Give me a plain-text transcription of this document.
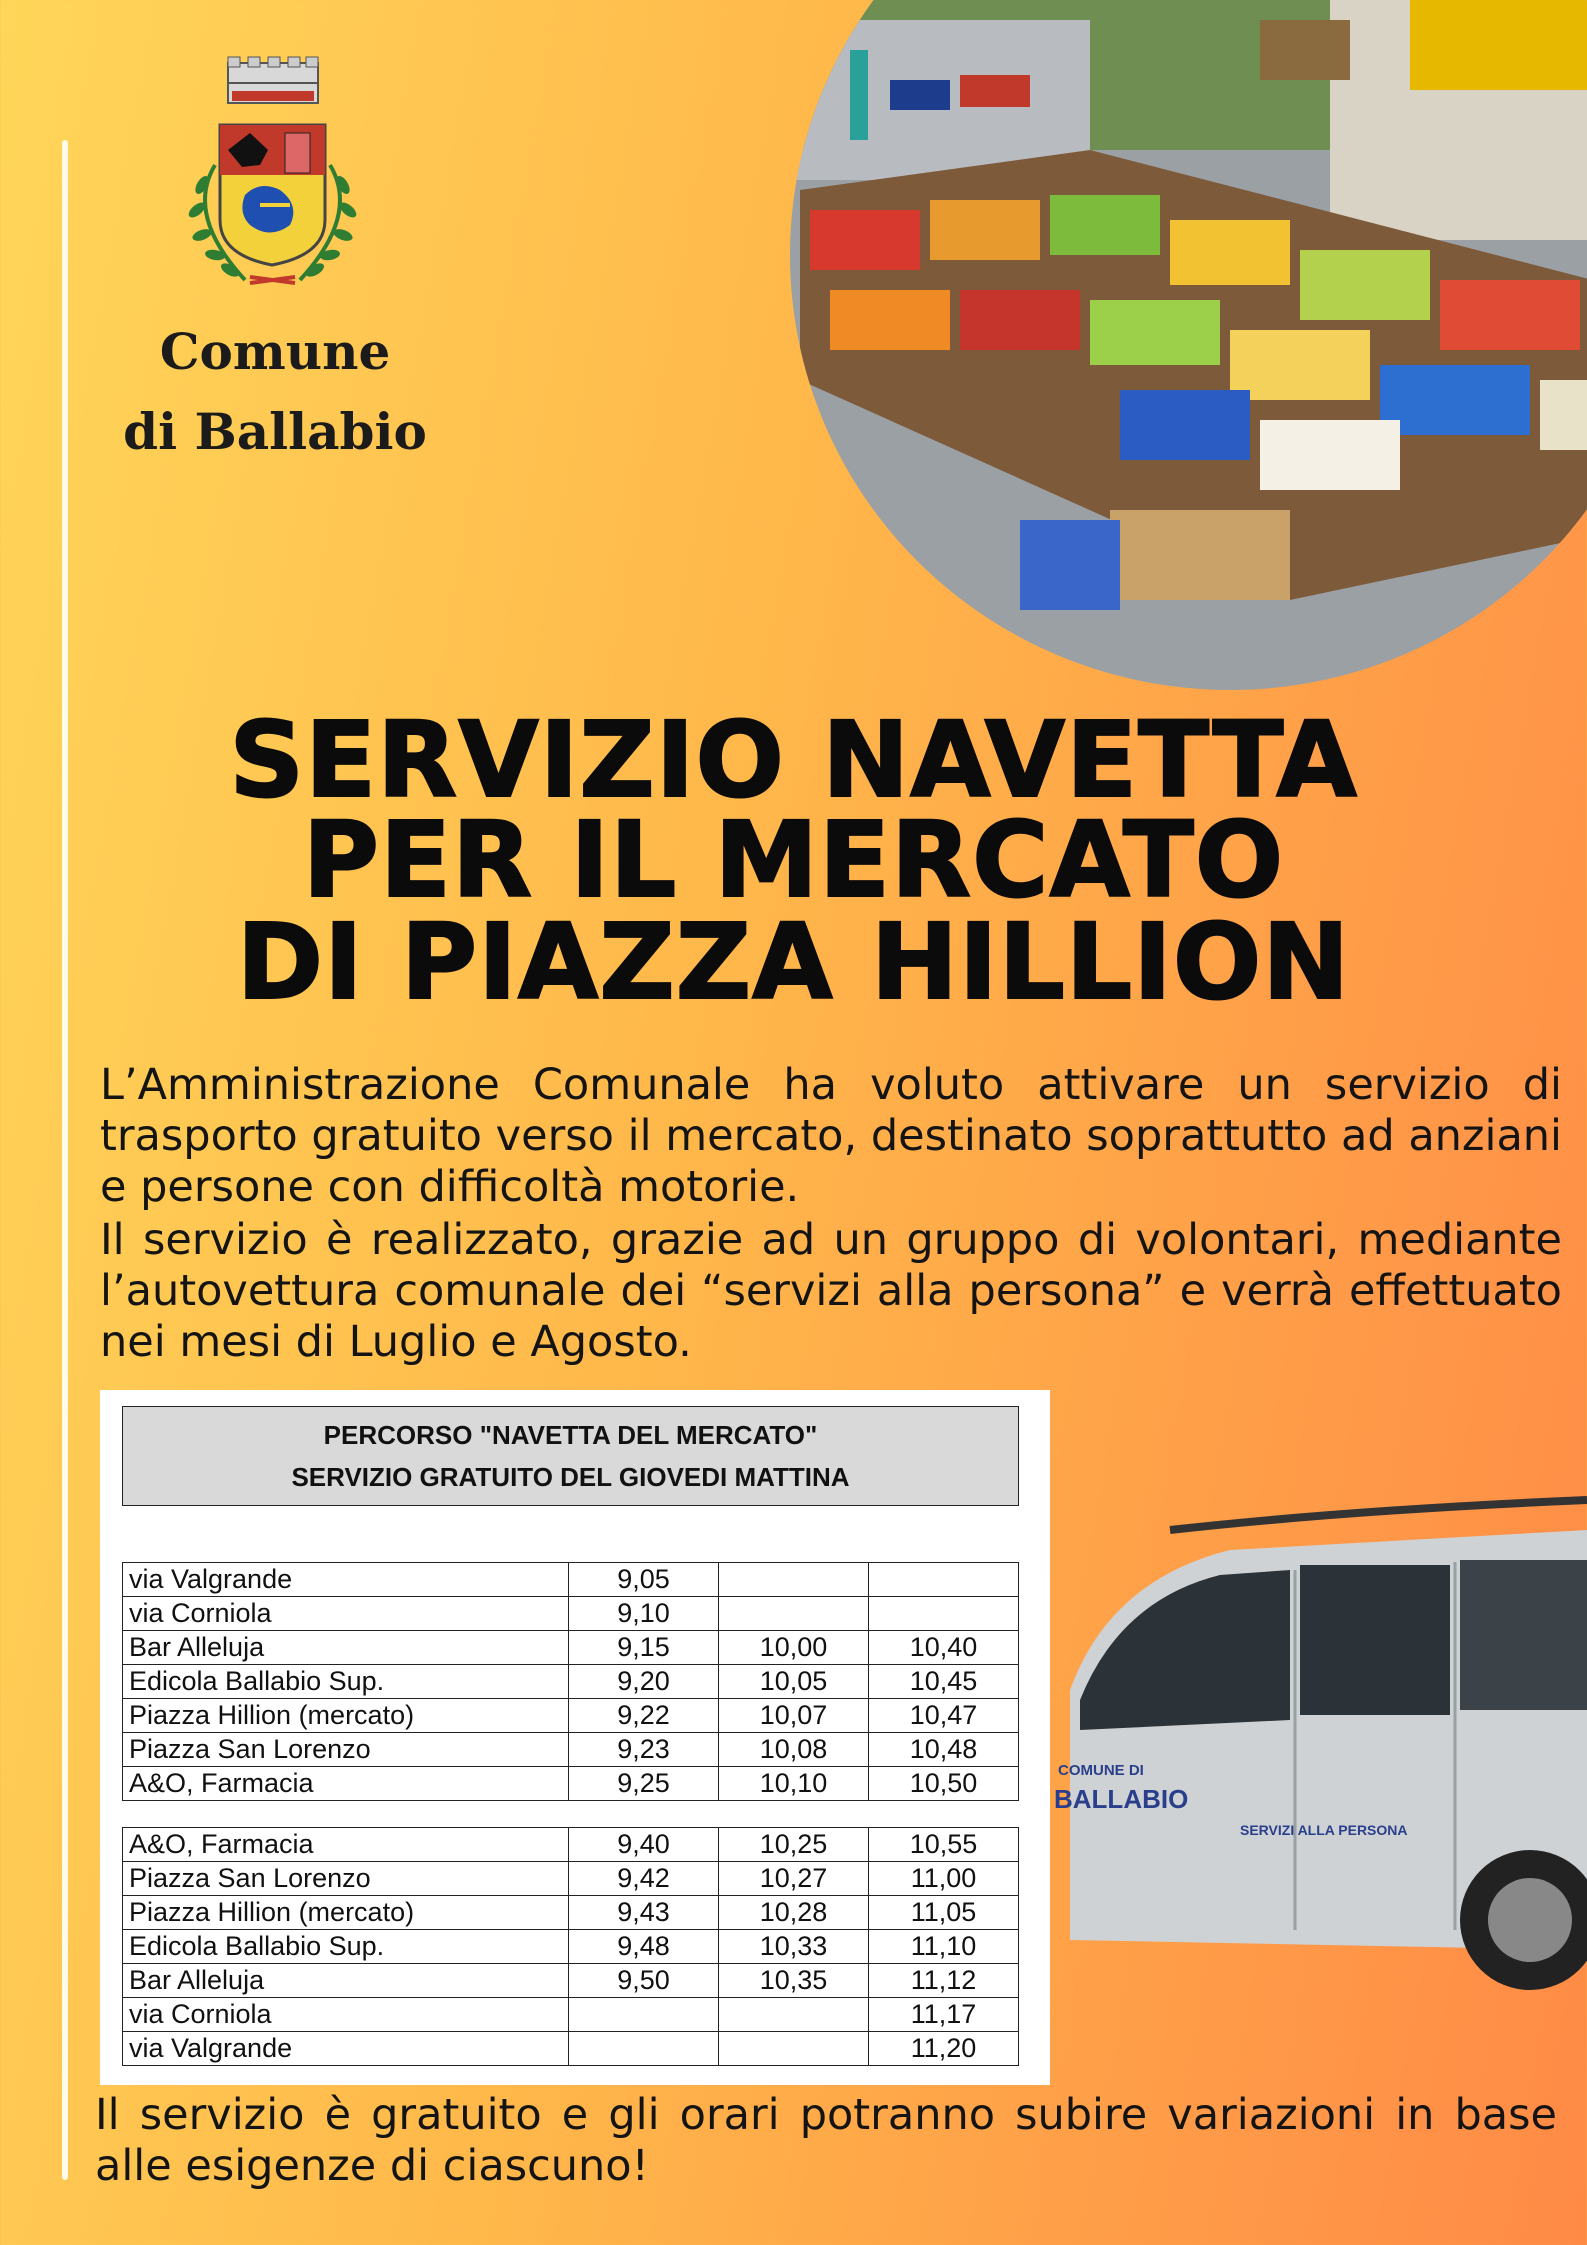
Comune
di Ballabio
SERVIZIO NAVETTA
PER IL MERCATO
DI PIAZZA HILLION
L’Amministrazione Comunale ha voluto attivare un servizio di trasporto gratuito verso il mercato, destinato soprattutto ad anziani e persone con difficoltà motorie.
Il servizio è realizzato, grazie ad un gruppo di volontari, mediante l’autovettura comunale dei “servizi alla persona” e verrà effettuato nei mesi di Luglio e Agosto.
PERCORSO "NAVETTA DEL MERCATO"
SERVIZIO GRATUITO DEL GIOVEDI MATTINA			

via Valgrande	9,05		
via Corniola	9,10		
Bar Alleluja	9,15	10,00	10,40
Edicola Ballabio Sup.	9,20	10,05	10,45
Piazza Hillion (mercato)	9,22	10,07	10,47
Piazza San Lorenzo	9,23	10,08	10,48
A&O, Farmacia	9,25	10,10	10,50

A&O, Farmacia	9,40	10,25	10,55
Piazza San Lorenzo	9,42	10,27	11,00
Piazza Hillion (mercato)	9,43	10,28	11,05
Edicola Ballabio Sup.	9,48	10,33	11,10
Bar Alleluja	9,50	10,35	11,12
via Corniola			11,17
via Valgrande			11,20
COMUNE DI
BALLABIO
SERVIZI ALLA PERSONA
Il servizio è gratuito e gli orari potranno subire variazioni in base alle esigenze di ciascuno!
